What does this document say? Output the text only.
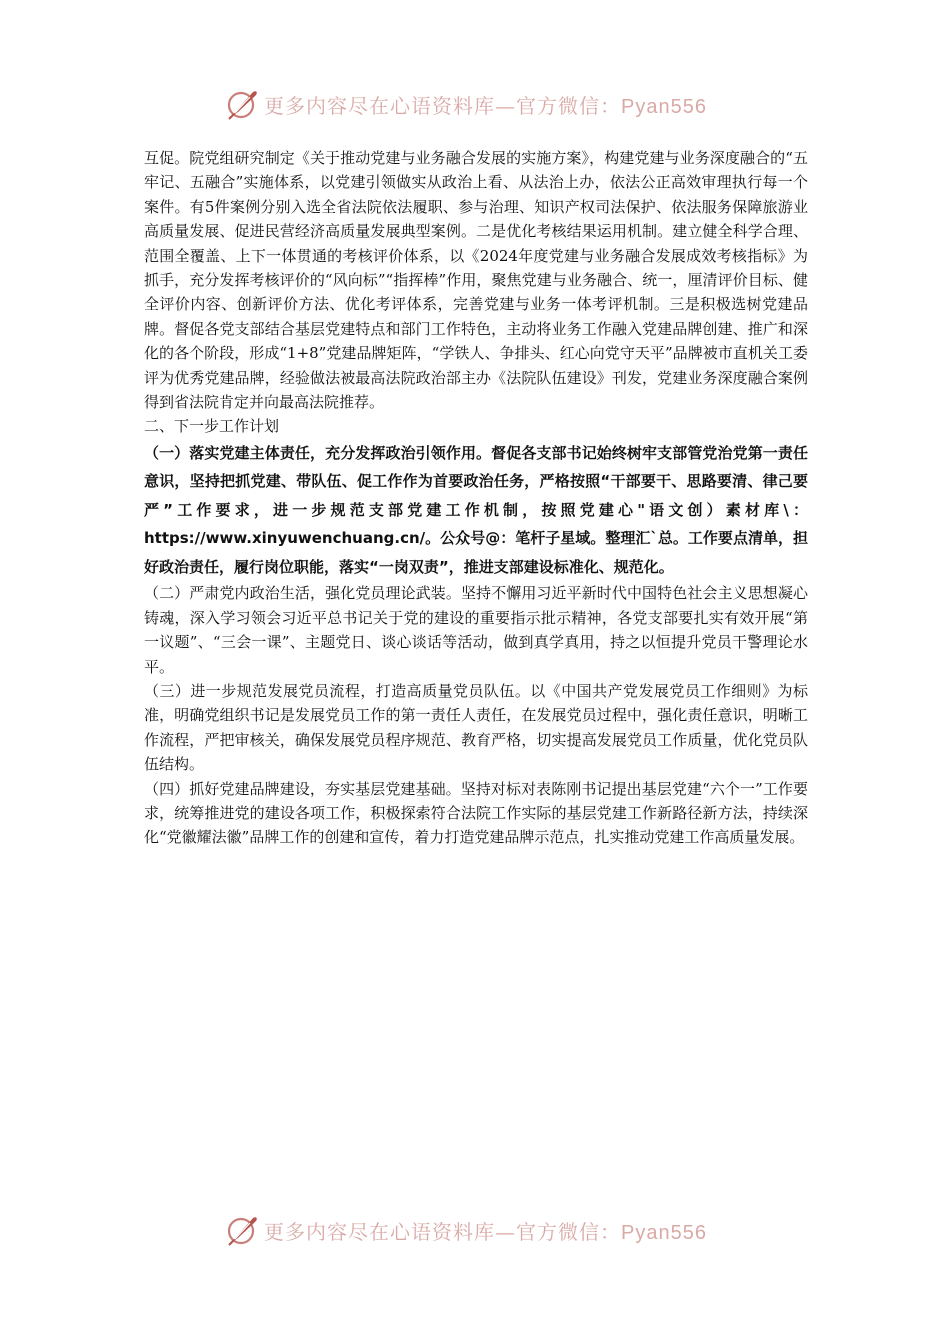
更多内容尽在心语资料库—官方微信：Pyan556

互促。院党组研究制定《关于推动党建与业务融合发展的实施方案》，构建党建与业务深度融合的“五牢记、五融合”实施体系，以党建引领做实从政治上看、从法治上办，依法公正高效审理执行每一个案件。有5件案例分别入选全省法院依法履职、参与治理、知识产权司法保护、依法服务保障旅游业高质量发展、促进民营经济高质量发展典型案例。二是优化考核结果运用机制。建立健全科学合理、范围全覆盖、上下一体贯通的考核评价体系，以《2024年度党建与业务融合发展成效考核指标》为抓手，充分发挥考核评价的“风向标”“指挥棒”作用，聚焦党建与业务融合、统一，厘清评价目标、健全评价内容、创新评价方法、优化考评体系，完善党建与业务一体考评机制。三是积极选树党建品牌。督促各党支部结合基层党建特点和部门工作特色，主动将业务工作融入党建品牌创建、推广和深化的各个阶段，形成“1+8”党建品牌矩阵，“学铁人、争排头、红心向党守天平”品牌被市直机关工委评为优秀党建品牌，经验做法被最高法院政治部主办《法院队伍建设》刊发，党建业务深度融合案例得到省法院肯定并向最高法院推荐。

二、下一步工作计划

（一）落实党建主体责任，充分发挥政治引领作用。督促各支部书记始终树牢支部管党治党第一责任意识，坚持把抓党建、带队伍、促工作作为首要政治任务，严格按照“干部要干、思路要清、律己要严”工作要求，进一步规范支部党建工作机制，按照党建心"语文创）素材库\：https://www.xinyuwenchuang.cn/。公众号@：笔杆子星域。整理汇`总。工作要点清单，担好政治责任，履行岗位职能，落实“一岗双责”，推进支部建设标准化、规范化。

（二）严肃党内政治生活，强化党员理论武装。坚持不懈用习近平新时代中国特色社会主义思想凝心铸魂，深入学习领会习近平总书记关于党的建设的重要指示批示精神，各党支部要扎实有效开展“第一议题”、“三会一课”、主题党日、谈心谈话等活动，做到真学真用，持之以恒提升党员干警理论水平。

（三）进一步规范发展党员流程，打造高质量党员队伍。以《中国共产党发展党员工作细则》为标准，明确党组织书记是发展党员工作的第一责任人责任，在发展党员过程中，强化责任意识，明晰工作流程，严把审核关，确保发展党员程序规范、教育严格，切实提高发展党员工作质量，优化党员队伍结构。

（四）抓好党建品牌建设，夯实基层党建基础。坚持对标对表陈刚书记提出基层党建“六个一”工作要求，统筹推进党的建设各项工作，积极探索符合法院工作实际的基层党建工作新路径新方法，持续深化“党徽耀法徽”品牌工作的创建和宣传，着力打造党建品牌示范点，扎实推动党建工作高质量发展。

更多内容尽在心语资料库—官方微信：Pyan556
